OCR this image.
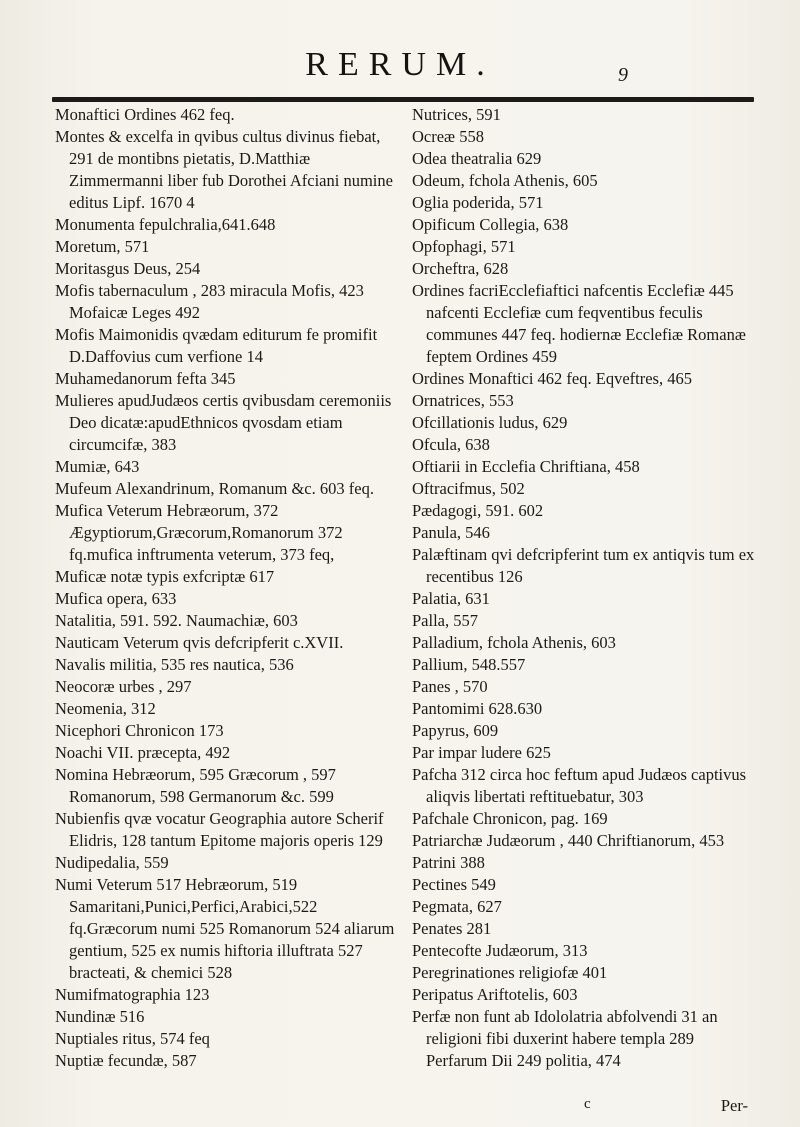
RERUM.	9

Monaftici Ordines 462 feq.

Montes & excelfa in qvibus cultus divinus fiebat, 291 de montibns pietatis, D.Matthiæ Zimmermanni liber fub Dorothei Afciani numine editus Lipf. 1670 4

Monumenta fepulchralia,641.648

Moretum, 571

Moritasgus Deus, 254

Mofis tabernaculum , 283 miracula Mofis, 423 Mofaicæ Leges 492

Mofis Maimonidis qvædam editurum fe promifit D.Daffovius cum verfione 14

Muhamedanorum fefta 345

Mulieres apudJudæos certis qvibusdam ceremoniis Deo dicatæ:apudEthnicos qvosdam etiam circumcifæ, 383

Mumiæ, 643

Mufeum Alexandrinum, Romanum &c. 603 feq.

Mufica Veterum Hebræorum, 372 Ægyptiorum,Græcorum,Romanorum 372 fq.mufica inftrumenta veterum, 373 feq,

Muficæ notæ typis exfcriptæ 617

Mufica opera, 633

Natalitia, 591. 592. Naumachiæ, 603

Nauticam Veterum qvis defcripferit c.XVII.

Navalis militia, 535 res nautica, 536

Neocoræ urbes , 297

Neomenia, 312

Nicephori Chronicon 173

Noachi VII. præcepta, 492

Nomina Hebræorum, 595 Græcorum , 597 Romanorum, 598 Germanorum &c. 599

Nubienfis qvæ vocatur Geographia autore Scherif Elidris, 128 tantum Epitome majoris operis 129

Nudipedalia, 559

Numi Veterum 517 Hebræorum, 519 Samaritani,Punici,Perfici,Arabici,522 fq.Græcorum numi 525 Romanorum 524 aliarum gentium, 525 ex numis hiftoria illuftrata 527 bracteati, & chemici 528

Numifmatographia 123

Nundinæ 516

Nuptiales ritus, 574 feq

Nuptiæ fecundæ, 587

Nutrices, 591

Ocreæ 558

Odea theatralia 629

Odeum, fchola Athenis, 605

Oglia poderida, 571

Opificum Collegia, 638

Opfophagi, 571

Orcheftra, 628

Ordines facriEcclefiaftici nafcentis Ecclefiæ 445 nafcenti Ecclefiæ cum feqventibus feculis communes 447 feq. hodiernæ Ecclefiæ Romanæ feptem Ordines 459

Ordines Monaftici 462 feq. Eqveftres, 465

Ornatrices, 553

Ofcillationis ludus, 629

Ofcula, 638

Oftiarii in Ecclefia Chriftiana, 458

Oftracifmus, 502

Pædagogi, 591. 602

Panula, 546

Palæftinam qvi defcripferint tum ex antiqvis tum ex recentibus 126

Palatia, 631

Palla, 557

Palladium, fchola Athenis, 603

Pallium, 548.557

Panes , 570

Pantomimi 628.630

Papyrus, 609

Par impar ludere 625

Pafcha 312 circa hoc feftum apud Judæos captivus aliqvis libertati reftituebatur, 303

Pafchale Chronicon, pag. 169

Patriarchæ Judæorum , 440 Chriftianorum, 453

Patrini 388

Pectines 549

Pegmata, 627

Penates 281

Pentecofte Judæorum, 313

Peregrinationes religiofæ 401

Peripatus Ariftotelis, 603

Perfæ non funt ab Idololatria abfolvendi 31 an religioni fibi duxerint habere templa 289 Perfarum Dii 249 politia, 474

c	Per-
